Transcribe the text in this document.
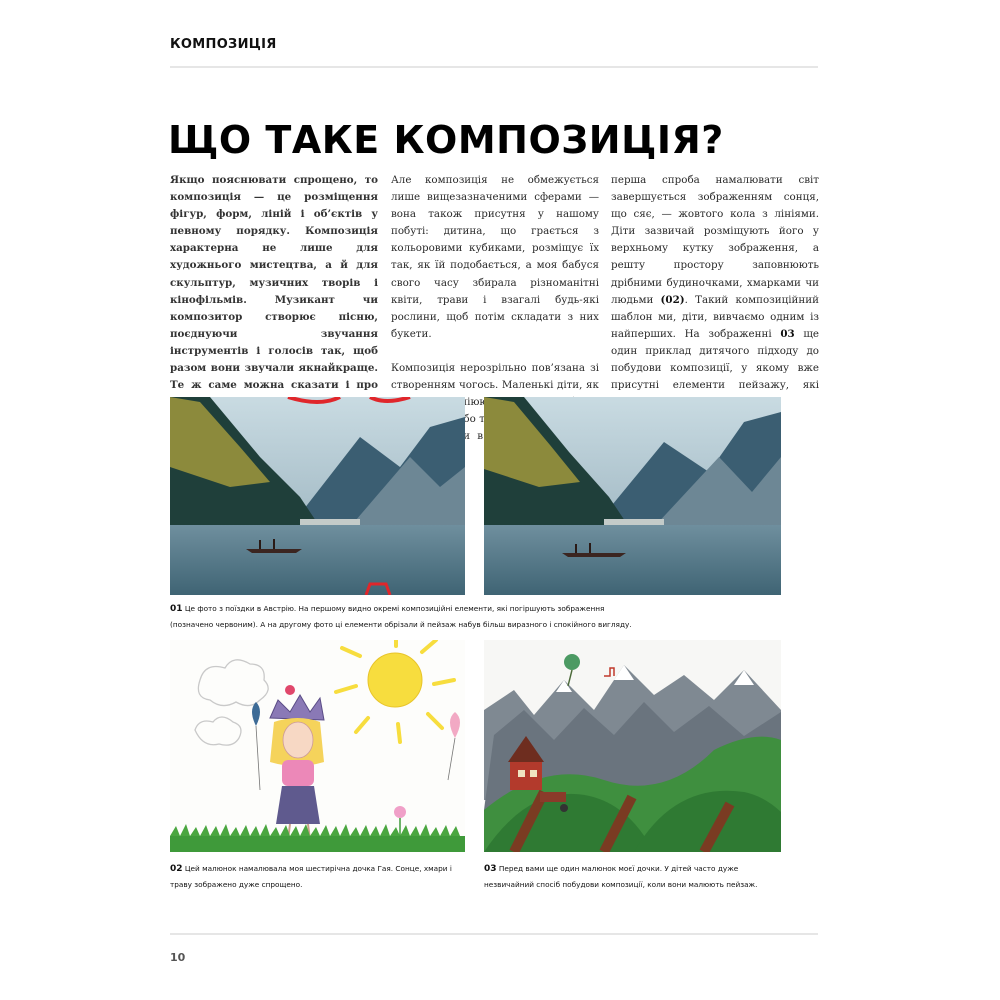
КОМПОЗИЦІЯ
ЩО ТАКЕ КОМПОЗИЦІЯ?

Якщо пояснювати спрощено, то композиція — це розміщення фігур, форм, ліній і об’єктів у певному порядку. Композиція характерна не лише для художнього мистецтва, а й для скульптур, музичних творів і кінофільмів. Музикант чи композитор створює пісню, поєднуючи звучання інструментів і голосів так, щоб разом вони звучали якнайкраще. Те ж саме можна сказати і про

Але композиція не обмежується лише вищезазначеними сферами — вона також присутня у нашому побуті: дитина, що грається з кольоровими кубиками, розміщує їх так, як їй подобається, а моя бабуся свого часу збирала різноманітні квіти, трави і взагалі будь-які рослини, щоб потім складати з них букети.

Композиція нерозрільно пов’язана зі створенням чогось. Маленькі діти, як копіюють або в

перша спроба намалювати світ завершується зображенням сонця, що сяє, — жовтого кола з лініями. Діти зазвичай розміщують його у верхньому кутку зображення, а решту простору заповнюють дрібними будиночками, хмарками чи людьми (02). Такий композиційний шаблон ми, діти, вивчаємо одним із найперших. На зображенні 03 ще один приклад дитячого підходу до побудови композиції, у якому вже присутні елементи пейзажу, які

01 Це фото з поїздки в Австрію. На першому видно окремі композиційні елементи, які погіршують зображення (позначено червоним). А на другому фото ці елементи обрізали й пейзаж набув більш виразного і спокійного вигляду.
02 Цей малюнок намалювала моя шестирічна дочка Гая. Сонце, хмари і траву зображено дуже спрощено.
03 Перед вами ще один малюнок моєї дочки. У дітей часто дуже незвичайний спосіб побудови композиції, коли вони малюють пейзаж.
10
